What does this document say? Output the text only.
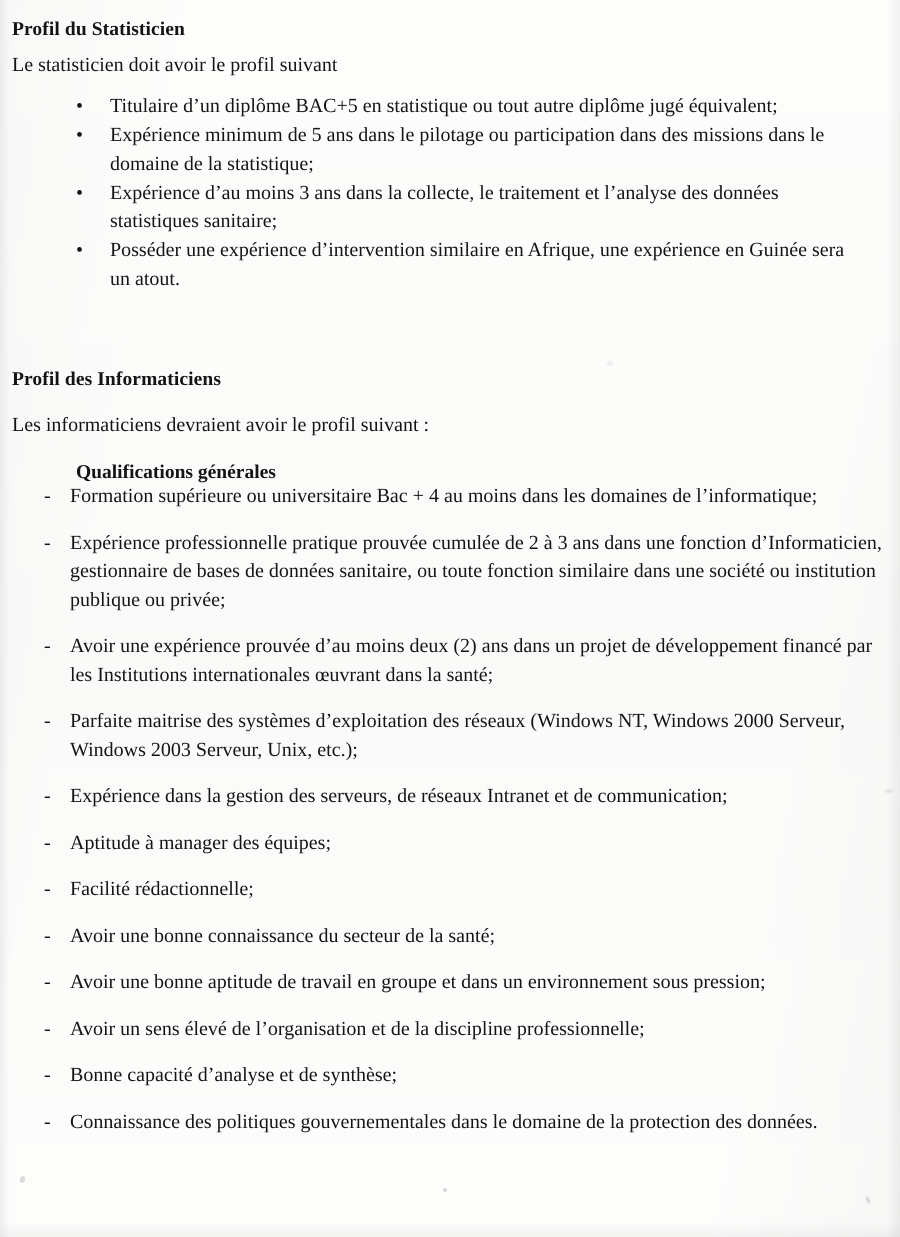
Profil du Statisticien

Le statisticien doit avoir le profil suivant

• Titulaire d’un diplôme BAC+5 en statistique ou tout autre diplôme jugé équivalent;
• Expérience minimum de 5 ans dans le pilotage ou participation dans des missions dans le domaine de la statistique;
• Expérience d’au moins 3 ans dans la collecte, le traitement et l’analyse des données statistiques sanitaire;
• Posséder une expérience d’intervention similaire en Afrique, une expérience en Guinée sera un atout.
Profil des Informaticiens

Les informaticiens devraient avoir le profil suivant :

Qualifications générales
- Formation supérieure ou universitaire Bac + 4 au moins dans les domaines de l’informatique;
- Expérience professionnelle pratique prouvée cumulée de 2 à 3 ans dans une fonction d’Informaticien, gestionnaire de bases de données sanitaire, ou toute fonction similaire dans une société ou institution publique ou privée;
- Avoir une expérience prouvée d’au moins deux (2) ans dans un projet de développement financé par les Institutions internationales œuvrant dans la santé;
- Parfaite maitrise des systèmes d’exploitation des réseaux (Windows NT, Windows 2000 Serveur, Windows 2003 Serveur, Unix, etc.);
- Expérience dans la gestion des serveurs, de réseaux Intranet et de communication;
- Aptitude à manager des équipes;
- Facilité rédactionnelle;
- Avoir une bonne connaissance du secteur de la santé;
- Avoir une bonne aptitude de travail en groupe et dans un environnement sous pression;
- Avoir un sens élevé de l’organisation et de la discipline professionnelle;
- Bonne capacité d’analyse et de synthèse;
- Connaissance des politiques gouvernementales dans le domaine de la protection des données.
